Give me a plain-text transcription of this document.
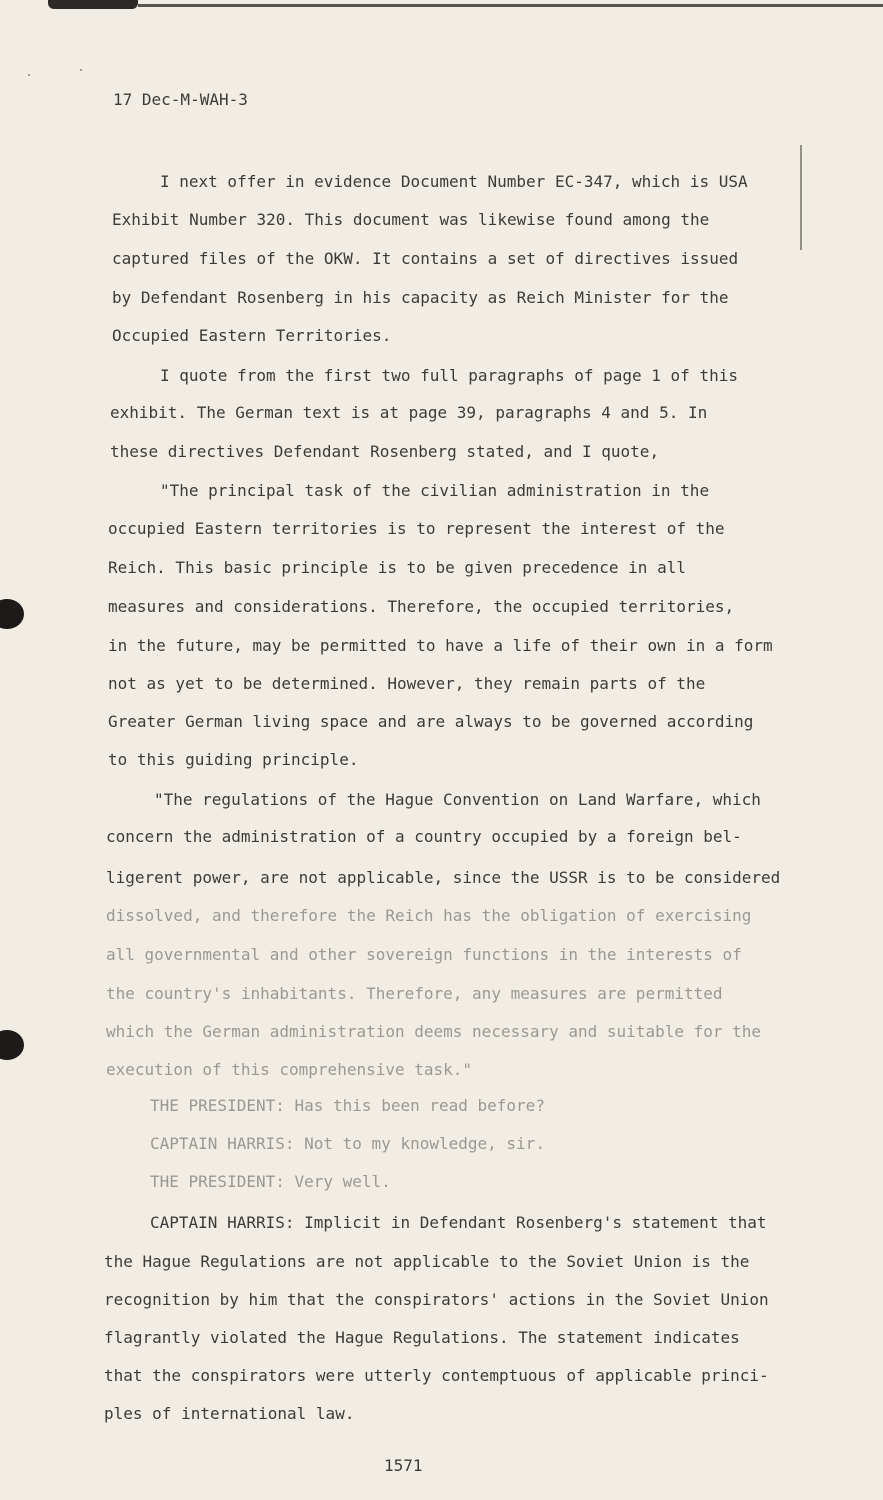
17 Dec-M-WAH-3
I next offer in evidence Document Number EC-347, which is USA
Exhibit Number 320. This document was likewise found among the
captured files of the OKW. It contains a set of directives issued
by Defendant Rosenberg in his capacity as Reich Minister for the
Occupied Eastern Territories.
I quote from the first two full paragraphs of page 1 of this
exhibit. The German text is at page 39, paragraphs 4 and 5. In
these directives Defendant Rosenberg stated, and I quote,
"The principal task of the civilian administration in the
occupied Eastern territories is to represent the interest of the
Reich. This basic principle is to be given precedence in all
measures and considerations. Therefore, the occupied territories,
in the future, may be permitted to have a life of their own in a form
not as yet to be determined. However, they remain parts of the
Greater German living space and are always to be governed according
to this guiding principle.
"The regulations of the Hague Convention on Land Warfare, which
concern the administration of a country occupied by a foreign bel-
ligerent power, are not applicable, since the USSR is to be considered
dissolved, and therefore the Reich has the obligation of exercising
all governmental and other sovereign functions in the interests of
the country's inhabitants. Therefore, any measures are permitted
which the German administration deems necessary and suitable for the
execution of this comprehensive task."
THE PRESIDENT: Has this been read before?
CAPTAIN HARRIS: Not to my knowledge, sir.
THE PRESIDENT: Very well.
CAPTAIN HARRIS: Implicit in Defendant Rosenberg's statement that
the Hague Regulations are not applicable to the Soviet Union is the
recognition by him that the conspirators' actions in the Soviet Union
flagrantly violated the Hague Regulations. The statement indicates
that the conspirators were utterly contemptuous of applicable princi-
ples of international law.
1571
